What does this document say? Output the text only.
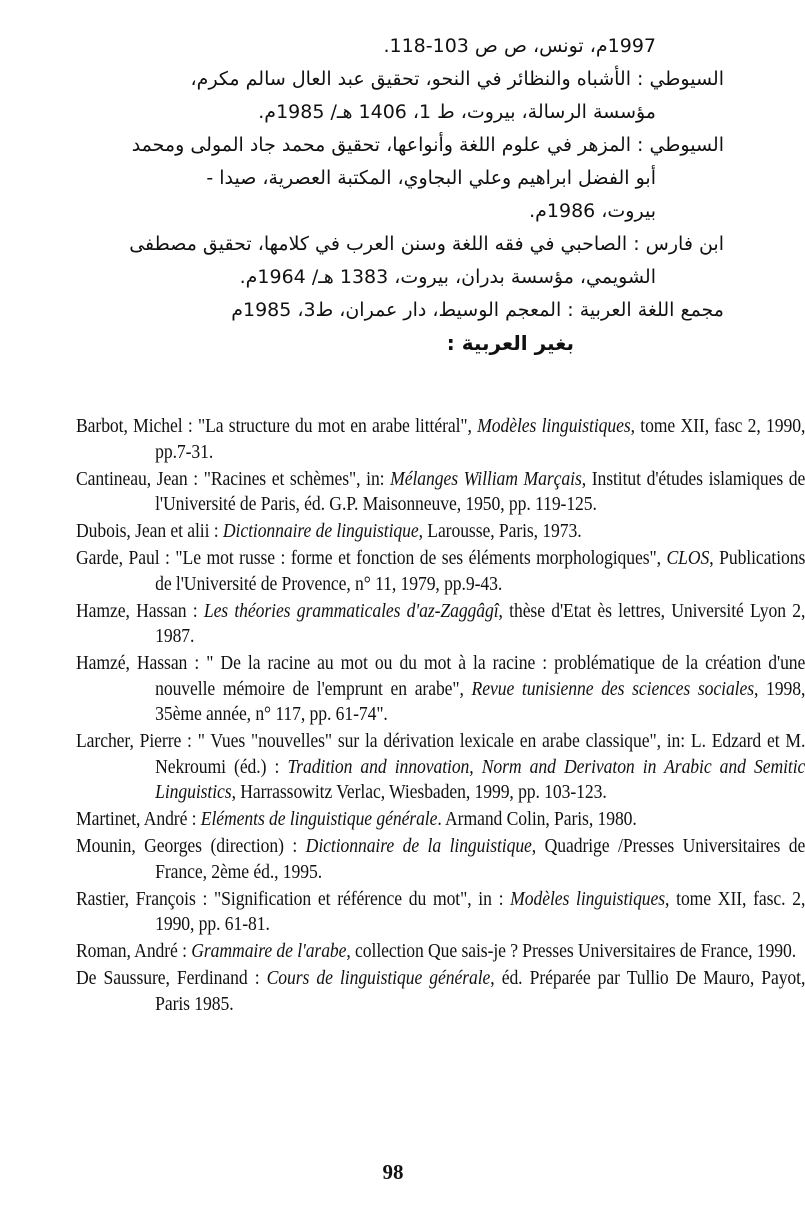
1997م، تونس، ص ص 103-118.
السيوطي : الأشباه والنظائر في النحو، تحقيق عبد العال سالم مكرم،
مؤسسة الرسالة، بيروت، ط 1، 1406 هـ/ 1985م.
السيوطي : المزهر في علوم اللغة وأنواعها، تحقيق محمد جاد المولى ومحمد
أبو الفضل ابراهيم وعلي البجاوي، المكتبة العصرية، صيدا -
بيروت، 1986م.
ابن فارس : الصاحبي في فقه اللغة وسنن العرب في كلامها، تحقيق مصطفى
الشويمي، مؤسسة بدران، بيروت، 1383 هـ/ 1964م.
مجمع اللغة العربية : المعجم الوسيط، دار عمران، ط3، 1985م
بغير العربية :

Barbot, Michel : "La structure du mot en arabe littéral", Modèles linguistiques, tome XII, fasc 2, 1990, pp.7-31.

Cantineau, Jean : "Racines et schèmes", in: Mélanges William Marçais, Institut d'études islamiques de l'Université de Paris, éd. G.P. Maisonneuve, 1950, pp. 119-125.

Dubois, Jean et alii : Dictionnaire de linguistique, Larousse, Paris, 1973.

Garde, Paul : "Le mot russe : forme et fonction de ses éléments morphologiques", CLOS, Publications de l'Université de Provence, n° 11, 1979, pp.9-43.

Hamze, Hassan : Les théories grammaticales d'az-Zaggâgî, thèse d'Etat ès lettres, Université Lyon 2, 1987.

Hamzé, Hassan : " De la racine au mot ou du mot à la racine : problématique de la création d'une nouvelle mémoire de l'emprunt en arabe", Revue tunisienne des sciences sociales, 1998, 35ème année, n° 117, pp. 61-74".

Larcher, Pierre : " Vues "nouvelles" sur la dérivation lexicale en arabe classique", in: L. Edzard et M. Nekroumi (éd.) : Tradition and innovation, Norm and Derivaton in Arabic and Semitic Linguistics, Harrassowitz Verlac, Wiesbaden, 1999, pp. 103-123.

Martinet, André : Eléments de linguistique générale. Armand Colin, Paris, 1980.

Mounin, Georges (direction) : Dictionnaire de la linguistique, Quadrige /Presses Universitaires de France, 2ème éd., 1995.

Rastier, François : "Signification et référence du mot", in : Modèles linguistiques, tome XII, fasc. 2, 1990, pp. 61-81.

Roman, André : Grammaire de l'arabe, collection Que sais-je ? Presses Universitaires de France, 1990.

De Saussure, Ferdinand : Cours de linguistique générale, éd. Préparée par Tullio De Mauro, Payot, Paris 1985.

98
